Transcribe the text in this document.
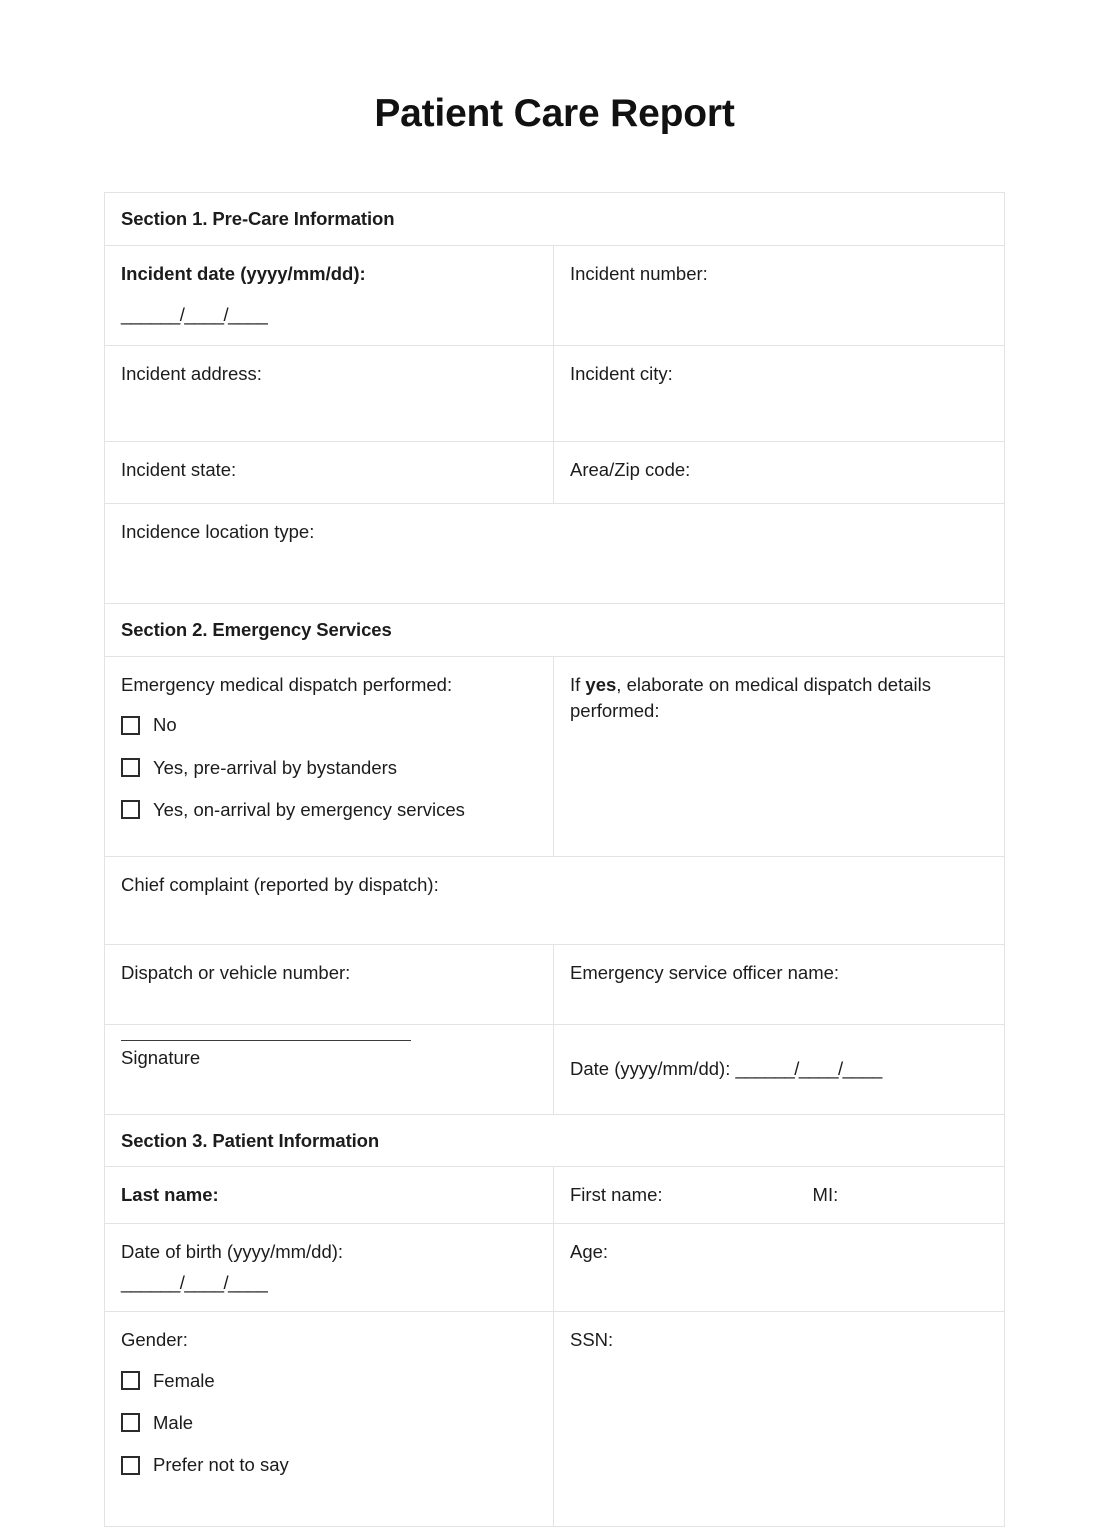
Patient Care Report
Section 1. Pre-Care Information	

Incident date (yyyy/mm/dd):
______/____/____	Incident number:

Incident address:	Incident city:

Incident state:	Area/Zip code:

Incidence location type:	

Section 2. Emergency Services	

Emergency medical dispatch performed:
No
Yes, pre-arrival by bystanders
Yes, on-arrival by emergency services	If yes, elaborate on medical dispatch details performed:

Chief complaint (reported by dispatch):	

Dispatch or vehicle number:	Emergency service officer name:

Signature	Date (yyyy/mm/dd): ______/____/____

Section 3. Patient Information	

Last name:	First name: MI:

Date of birth (yyyy/mm/dd):
______/____/____	Age:

Gender:
Female
Male
Prefer not to say	SSN:
